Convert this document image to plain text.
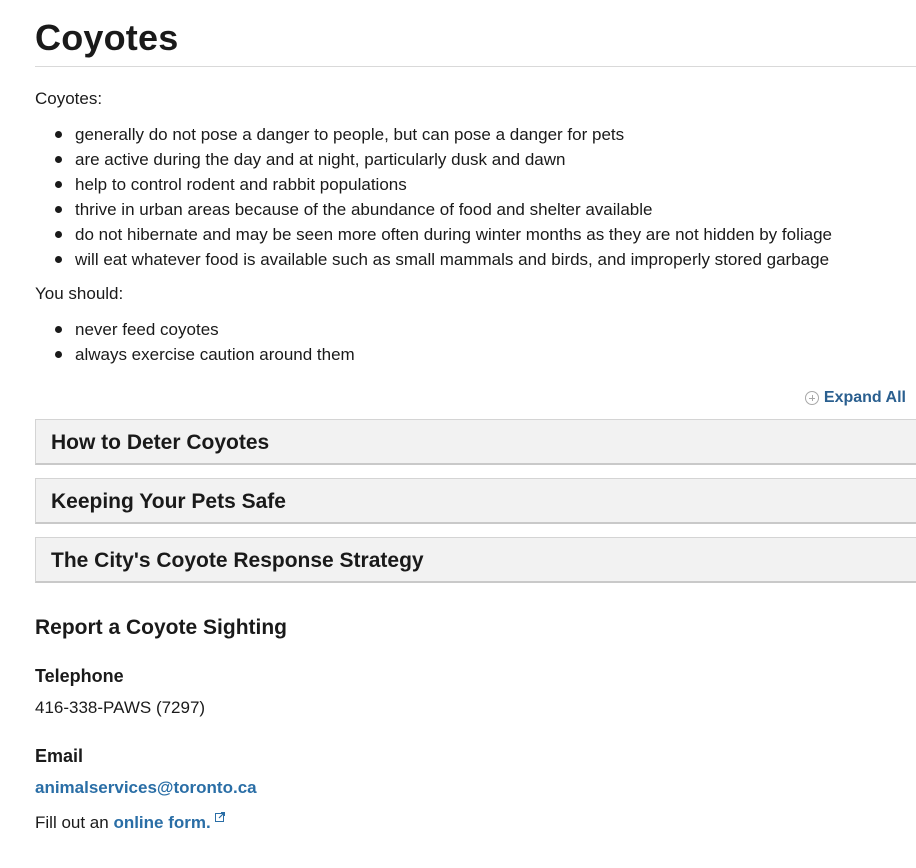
Coyotes

Coyotes:

generally do not pose a danger to people, but can pose a danger for pets
are active during the day and at night, particularly dusk and dawn
help to control rodent and rabbit populations
thrive in urban areas because of the abundance of food and shelter available
do not hibernate and may be seen more often during winter months as they are not hidden by foliage
will eat whatever food is available such as small mammals and birds, and improperly stored garbage

You should:

never feed coyotes
always exercise caution around them
Expand All
How to Deter Coyotes
Keeping Your Pets Safe
The City's Coyote Response Strategy
Report a Coyote Sighting
Telephone
416-338-PAWS (7297)
Email
animalservices@toronto.ca
Fill out an online form.
